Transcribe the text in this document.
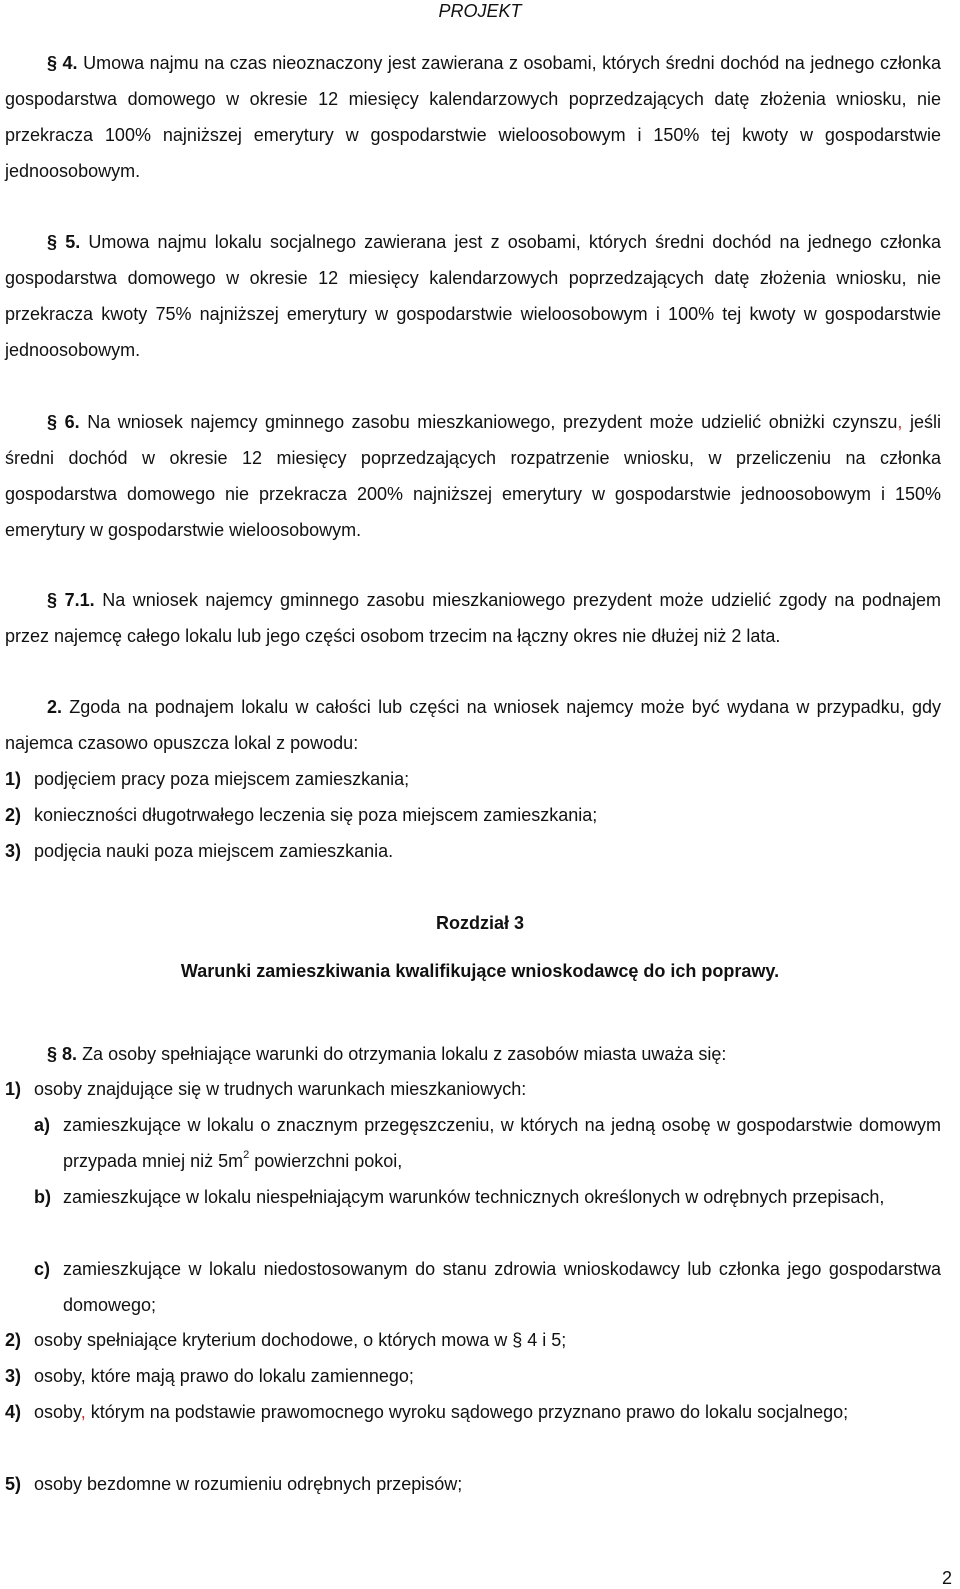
PROJEKT
§ 4. Umowa najmu na czas nieoznaczony jest zawierana z osobami, których średni dochód na jednego członka gospodarstwa domowego w okresie 12 miesięcy kalendarzowych poprzedzających datę złożenia wniosku, nie przekracza 100% najniższej emerytury w gospodarstwie wieloosobowym i 150% tej kwoty w gospodarstwie jednoosobowym.
§ 5. Umowa najmu lokalu socjalnego zawierana jest z osobami, których średni dochód na jednego członka gospodarstwa domowego w okresie 12 miesięcy kalendarzowych poprzedzających datę złożenia wniosku, nie przekracza kwoty 75% najniższej emerytury w gospodarstwie wieloosobowym i 100% tej kwoty w gospodarstwie jednoosobowym.
§ 6. Na wniosek najemcy gminnego zasobu mieszkaniowego, prezydent może udzielić obniżki czynszu, jeśli średni dochód w okresie 12 miesięcy poprzedzających rozpatrzenie wniosku, w przeliczeniu na członka gospodarstwa domowego nie przekracza 200% najniższej emerytury w gospodarstwie jednoosobowym i 150% emerytury w gospodarstwie wieloosobowym.
§ 7.1. Na wniosek najemcy gminnego zasobu mieszkaniowego prezydent może udzielić zgody na podnajem przez najemcę całego lokalu lub jego części osobom trzecim na łączny okres nie dłużej niż 2 lata.
2. Zgoda na podnajem lokalu w całości lub części na wniosek najemcy może być wydana w przypadku, gdy najemca czasowo opuszcza lokal z powodu:
1) podjęciem pracy poza miejscem zamieszkania;
2) konieczności długotrwałego leczenia się poza miejscem zamieszkania;
3) podjęcia nauki poza miejscem zamieszkania.
Rozdział 3
Warunki zamieszkiwania kwalifikujące wnioskodawcę do ich poprawy.
§ 8. Za osoby spełniające warunki do otrzymania lokalu z zasobów miasta uważa się:
1) osoby znajdujące się w trudnych warunkach mieszkaniowych:
a) zamieszkujące w lokalu o znacznym przegęszczeniu, w których na jedną osobę w gospodarstwie domowym przypada mniej niż $5m^2$ powierzchni pokoi,
b) zamieszkujące w lokalu niespełniającym warunków technicznych określonych w odrębnych przepisach,
c) zamieszkujące w lokalu niedostosowanym do stanu zdrowia wnioskodawcy lub członka jego gospodarstwa domowego;
2) osoby spełniające kryterium dochodowe, o których mowa w § 4 i 5;
3) osoby, które mają prawo do lokalu zamiennego;
4) osoby, którym na podstawie prawomocnego wyroku sądowego przyznano prawo do lokalu socjalnego;
5) osoby bezdomne w rozumieniu odrębnych przepisów;
2
